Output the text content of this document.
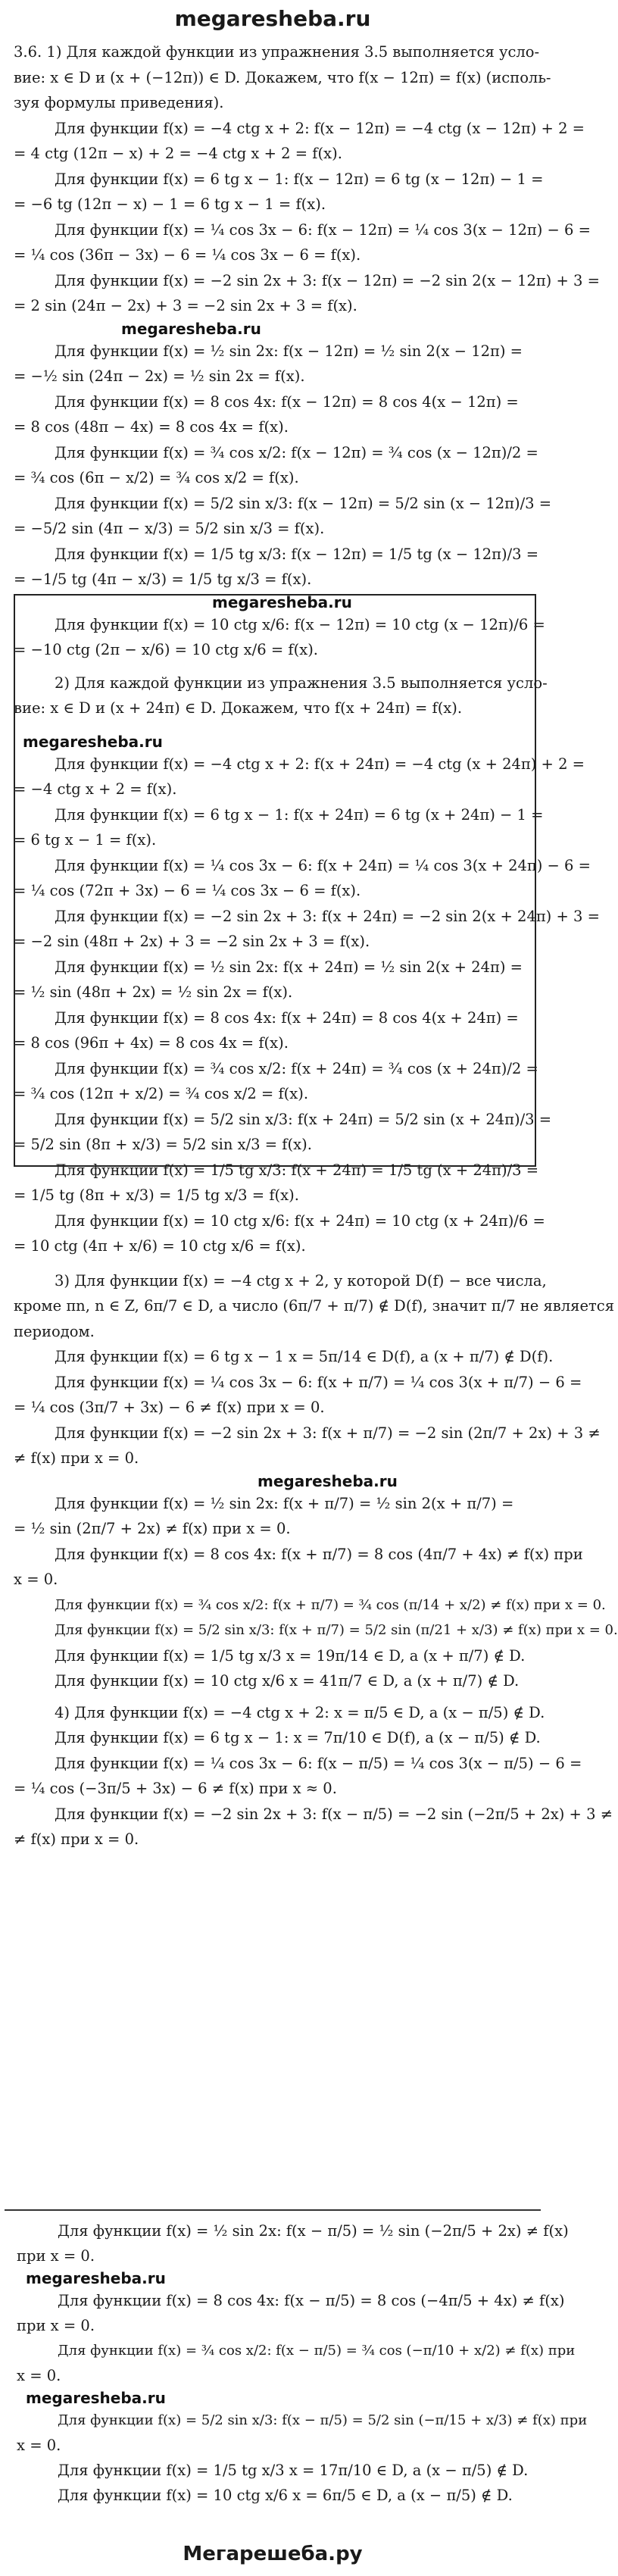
megaresheba.ru
3.6. 1) Для каждой функции из упражнения 3.5 выполняется усло-
вие: x ∈ D и (x + (−12π)) ∈ D. Докажем, что f(x − 12π) = f(x) (исполь-
зуя формулы приведения).
Для функции f(x) = −4 ctg x + 2: f(x − 12π) = −4 ctg (x − 12π) + 2 =
= 4 ctg (12π − x) + 2 = −4 ctg x + 2 = f(x).
Для функции f(x) = 6 tg x − 1: f(x − 12π) = 6 tg (x − 12π) − 1 =
= −6 tg (12π − x) − 1 = 6 tg x − 1 = f(x).
Для функции f(x) = ¼ cos 3x − 6: f(x − 12π) = ¼ cos 3(x − 12π) − 6 =
= ¼ cos (36π − 3x) − 6 = ¼ cos 3x − 6 = f(x).
Для функции f(x) = −2 sin 2x + 3: f(x − 12π) = −2 sin 2(x − 12π) + 3 =
= 2 sin (24π − 2x) + 3 = −2 sin 2x + 3 = f(x).
megaresheba.ru
Для функции f(x) = ½ sin 2x: f(x − 12π) = ½ sin 2(x − 12π) =
= −½ sin (24π − 2x) = ½ sin 2x = f(x).
Для функции f(x) = 8 cos 4x: f(x − 12π) = 8 cos 4(x − 12π) =
= 8 cos (48π − 4x) = 8 cos 4x = f(x).
Для функции f(x) = ¾ cos x/2: f(x − 12π) = ¾ cos (x − 12π)/2 =
= ¾ cos (6π − x/2) = ¾ cos x/2 = f(x).
Для функции f(x) = 5/2 sin x/3: f(x − 12π) = 5/2 sin (x − 12π)/3 =
= −5/2 sin (4π − x/3) = 5/2 sin x/3 = f(x).
Для функции f(x) = 1/5 tg x/3: f(x − 12π) = 1/5 tg (x − 12π)/3 =
= −1/5 tg (4π − x/3) = 1/5 tg x/3 = f(x).
megaresheba.ru
Для функции f(x) = 10 ctg x/6: f(x − 12π) = 10 ctg (x − 12π)/6 =
= −10 ctg (2π − x/6) = 10 ctg x/6 = f(x).
2) Для каждой функции из упражнения 3.5 выполняется усло-
вие: x ∈ D и (x + 24π) ∈ D. Докажем, что f(x + 24π) = f(x).
megaresheba.ru
Для функции f(x) = −4 ctg x + 2: f(x + 24π) = −4 ctg (x + 24π) + 2 =
= −4 ctg x + 2 = f(x).
Для функции f(x) = 6 tg x − 1: f(x + 24π) = 6 tg (x + 24π) − 1 =
= 6 tg x − 1 = f(x).
Для функции f(x) = ¼ cos 3x − 6: f(x + 24π) = ¼ cos 3(x + 24π) − 6 =
= ¼ cos (72π + 3x) − 6 = ¼ cos 3x − 6 = f(x).
Для функции f(x) = −2 sin 2x + 3: f(x + 24π) = −2 sin 2(x + 24π) + 3 =
= −2 sin (48π + 2x) + 3 = −2 sin 2x + 3 = f(x).
Для функции f(x) = ½ sin 2x: f(x + 24π) = ½ sin 2(x + 24π) =
= ½ sin (48π + 2x) = ½ sin 2x = f(x).
Для функции f(x) = 8 cos 4x: f(x + 24π) = 8 cos 4(x + 24π) =
= 8 cos (96π + 4x) = 8 cos 4x = f(x).
Для функции f(x) = ¾ cos x/2: f(x + 24π) = ¾ cos (x + 24π)/2 =
= ¾ cos (12π + x/2) = ¾ cos x/2 = f(x).
Для функции f(x) = 5/2 sin x/3: f(x + 24π) = 5/2 sin (x + 24π)/3 =
= 5/2 sin (8π + x/3) = 5/2 sin x/3 = f(x).
Для функции f(x) = 1/5 tg x/3: f(x + 24π) = 1/5 tg (x + 24π)/3 =
= 1/5 tg (8π + x/3) = 1/5 tg x/3 = f(x).
Для функции f(x) = 10 ctg x/6: f(x + 24π) = 10 ctg (x + 24π)/6 =
= 10 ctg (4π + x/6) = 10 ctg x/6 = f(x).
3) Для функции f(x) = −4 ctg x + 2, у которой D(f) − все числа,
кроме πn, n ∈ Z, 6π/7 ∈ D, а число (6π/7 + π/7) ∉ D(f), значит π/7 не является
периодом.
Для функции f(x) = 6 tg x − 1 x = 5π/14 ∈ D(f), а (x + π/7) ∉ D(f).
Для функции f(x) = ¼ cos 3x − 6: f(x + π/7) = ¼ cos 3(x + π/7) − 6 =
= ¼ cos (3π/7 + 3x) − 6 ≠ f(x) при x = 0.
Для функции f(x) = −2 sin 2x + 3: f(x + π/7) = −2 sin (2π/7 + 2x) + 3 ≠
≠ f(x) при x = 0.
megaresheba.ru
Для функции f(x) = ½ sin 2x: f(x + π/7) = ½ sin 2(x + π/7) =
= ½ sin (2π/7 + 2x) ≠ f(x) при x = 0.
Для функции f(x) = 8 cos 4x: f(x + π/7) = 8 cos (4π/7 + 4x) ≠ f(x) при
x = 0.
Для функции f(x) = ¾ cos x/2: f(x + π/7) = ¾ cos (π/14 + x/2) ≠ f(x) при x = 0.
Для функции f(x) = 5/2 sin x/3: f(x + π/7) = 5/2 sin (π/21 + x/3) ≠ f(x) при x = 0.
Для функции f(x) = 1/5 tg x/3 x = 19π/14 ∈ D, а (x + π/7) ∉ D.
Для функции f(x) = 10 ctg x/6 x = 41π/7 ∈ D, а (x + π/7) ∉ D.
4) Для функции f(x) = −4 ctg x + 2: x = π/5 ∈ D, а (x − π/5) ∉ D.
Для функции f(x) = 6 tg x − 1: x = 7π/10 ∈ D(f), а (x − π/5) ∉ D.
Для функции f(x) = ¼ cos 3x − 6: f(x − π/5) = ¼ cos 3(x − π/5) − 6 =
= ¼ cos (−3π/5 + 3x) − 6 ≠ f(x) при x ≈ 0.
Для функции f(x) = −2 sin 2x + 3: f(x − π/5) = −2 sin (−2π/5 + 2x) + 3 ≠
≠ f(x) при x = 0.
Для функции f(x) = ½ sin 2x: f(x − π/5) = ½ sin (−2π/5 + 2x) ≠ f(x)
при x = 0.
megaresheba.ru
Для функции f(x) = 8 cos 4x: f(x − π/5) = 8 cos (−4π/5 + 4x) ≠ f(x)
при x = 0.
Для функции f(x) = ¾ cos x/2: f(x − π/5) = ¾ cos (−π/10 + x/2) ≠ f(x) при
x = 0.
megaresheba.ru
Для функции f(x) = 5/2 sin x/3: f(x − π/5) = 5/2 sin (−π/15 + x/3) ≠ f(x) при
x = 0.
Для функции f(x) = 1/5 tg x/3 x = 17π/10 ∈ D, а (x − π/5) ∉ D.
Для функции f(x) = 10 ctg x/6 x = 6π/5 ∈ D, а (x − π/5) ∉ D.
Мегарешеба.ру
